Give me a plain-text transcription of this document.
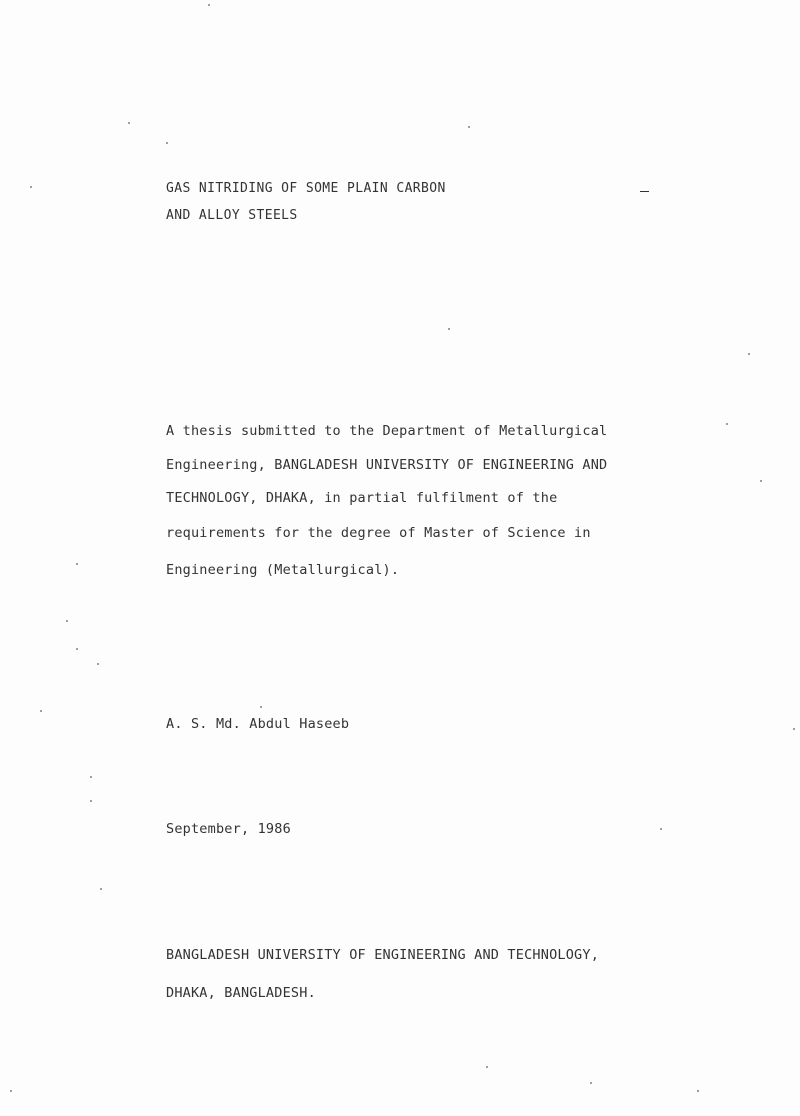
GAS NITRIDING OF SOME PLAIN CARBON
AND ALLOY STEELS
A thesis submitted to the Department of Metallurgical
Engineering, BANGLADESH UNIVERSITY OF ENGINEERING AND
TECHNOLOGY, DHAKA, in partial fulfilment of the
requirements for the degree of Master of Science in
Engineering (Metallurgical).
A. S. Md. Abdul Haseeb
September, 1986
BANGLADESH UNIVERSITY OF ENGINEERING AND TECHNOLOGY,
DHAKA, BANGLADESH.
